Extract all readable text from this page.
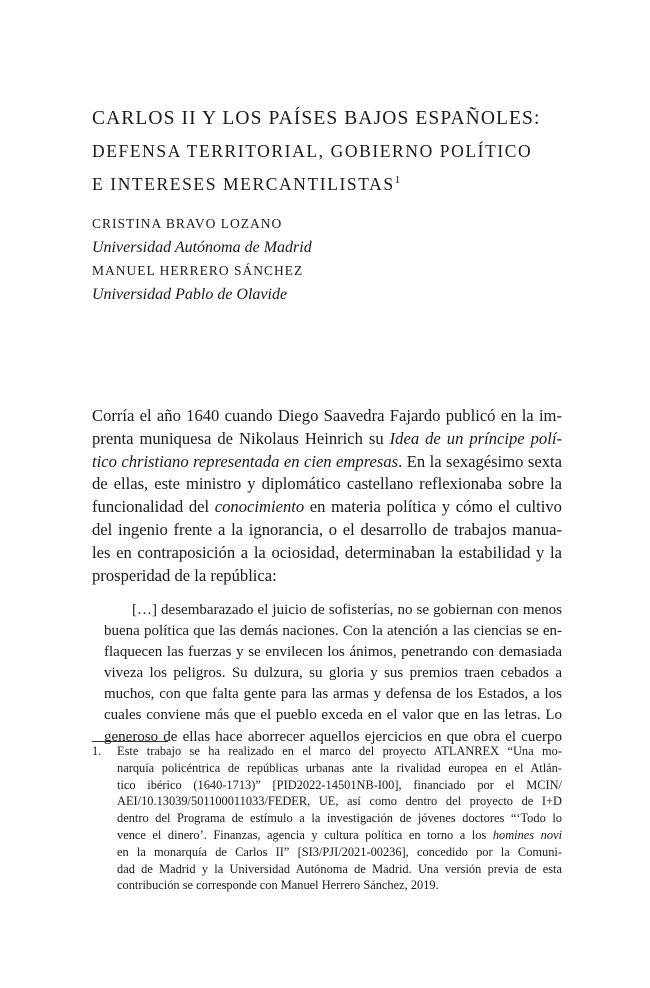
CARLOS II Y LOS PAÍSES BAJOS ESPAÑOLES:
DEFENSA TERRITORIAL, GOBIERNO POLÍTICO
E INTERESES MERCANTILISTAS$^1$
CRISTINA BRAVO LOZANO
Universidad Autónoma de Madrid
MANUEL HERRERO SÁNCHEZ
Universidad Pablo de Olavide
Corría el año 1640 cuando Diego Saavedra Fajardo publicó en la im-
prenta muniquesa de Nikolaus Heinrich su Idea de un príncipe polí-
tico christiano representada en cien empresas. En la sexagésimo sexta
de ellas, este ministro y diplomático castellano reflexionaba sobre la
funcionalidad del conocimiento en materia política y cómo el cultivo
del ingenio frente a la ignorancia, o el desarrollo de trabajos manua-
les en contraposición a la ociosidad, determinaban la estabilidad y la
prosperidad de la república:
[…] desembarazado el juicio de sofisterías, no se gobiernan con menos
buena política que las demás naciones. Con la atención a las ciencias se en-
flaquecen las fuerzas y se envilecen los ánimos, penetrando con demasiada
viveza los peligros. Su dulzura, su gloria y sus premios traen cebados a
muchos, con que falta gente para las armas y defensa de los Estados, a los
cuales conviene más que el pueblo exceda en el valor que en las letras. Lo
generoso de ellas hace aborrecer aquellos ejercicios en que obra el cuerpo
1. Este trabajo se ha realizado en el marco del proyecto ATLANREX “Una mo-
narquía policéntrica de repúblicas urbanas ante la rivalidad europea en el Atlán-
tico ibérico (1640-1713)” [PID2022-14501NB-I00], financiado por el MCIN/
AEI/10.13039/501100011033/FEDER, UE, así como dentro del proyecto de I+D
dentro del Programa de estímulo a la investigación de jóvenes doctores “‘Todo lo
vence el dinero’. Finanzas, agencia y cultura política en torno a los homines novi
en la monarquía de Carlos II” [SI3/PJI/2021-00236], concedido por la Comuni-
dad de Madrid y la Universidad Autónoma de Madrid. Una versión previa de esta
contribución se corresponde con Manuel Herrero Sánchez, 2019.
